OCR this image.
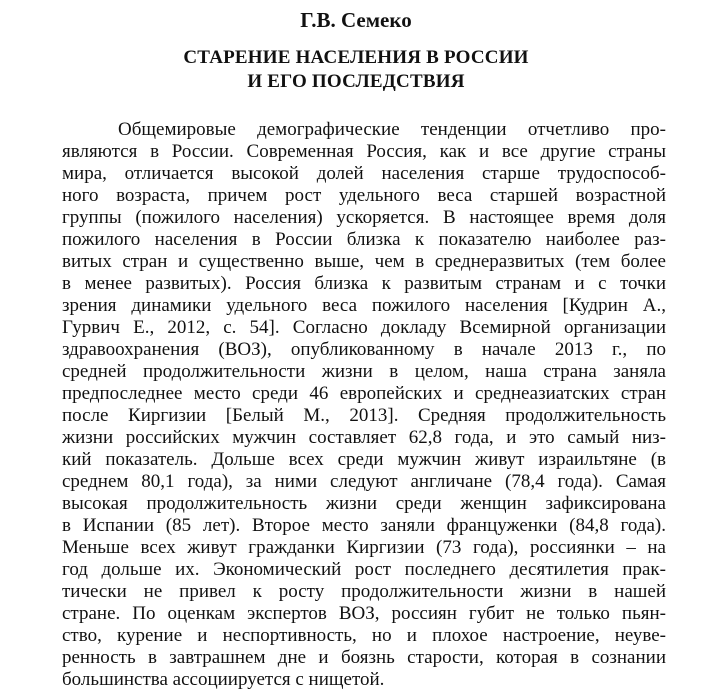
Г.В. Семеко
СТАРЕНИЕ НАСЕЛЕНИЯ В РОССИИ
И ЕГО ПОСЛЕДСТВИЯ
Общемировые демографические тенденции отчетливо про-
являются в России. Современная Россия, как и все другие страны
мира, отличается высокой долей населения старше трудоспособ-
ного возраста, причем рост удельного веса старшей возрастной
группы (пожилого населения) ускоряется. В настоящее время доля
пожилого населения в России близка к показателю наиболее раз-
витых стран и существенно выше, чем в среднеразвитых (тем более
в менее развитых). Россия близка к развитым странам и с точки
зрения динамики удельного веса пожилого населения [Кудрин А.,
Гурвич Е., 2012, с. 54]. Согласно докладу Всемирной организации
здравоохранения (ВОЗ), опубликованному в начале 2013 г., по
средней продолжительности жизни в целом, наша страна заняла
предпоследнее место среди 46 европейских и среднеазиатских стран
после Киргизии [Белый М., 2013]. Средняя продолжительность
жизни российских мужчин составляет 62,8 года, и это самый низ-
кий показатель. Дольше всех среди мужчин живут израильтяне (в
среднем 80,1 года), за ними следуют англичане (78,4 года). Самая
высокая продолжительность жизни среди женщин зафиксирована
в Испании (85 лет). Второе место заняли француженки (84,8 года).
Меньше всех живут гражданки Киргизии (73 года), россиянки – на
год дольше их. Экономический рост последнего десятилетия прак-
тически не привел к росту продолжительности жизни в нашей
стране. По оценкам экспертов ВОЗ, россиян губит не только пьян-
ство, курение и неспортивность, но и плохое настроение, неуве-
ренность в завтрашнем дне и боязнь старости, которая в сознании
большинства ассоциируется с нищетой.
